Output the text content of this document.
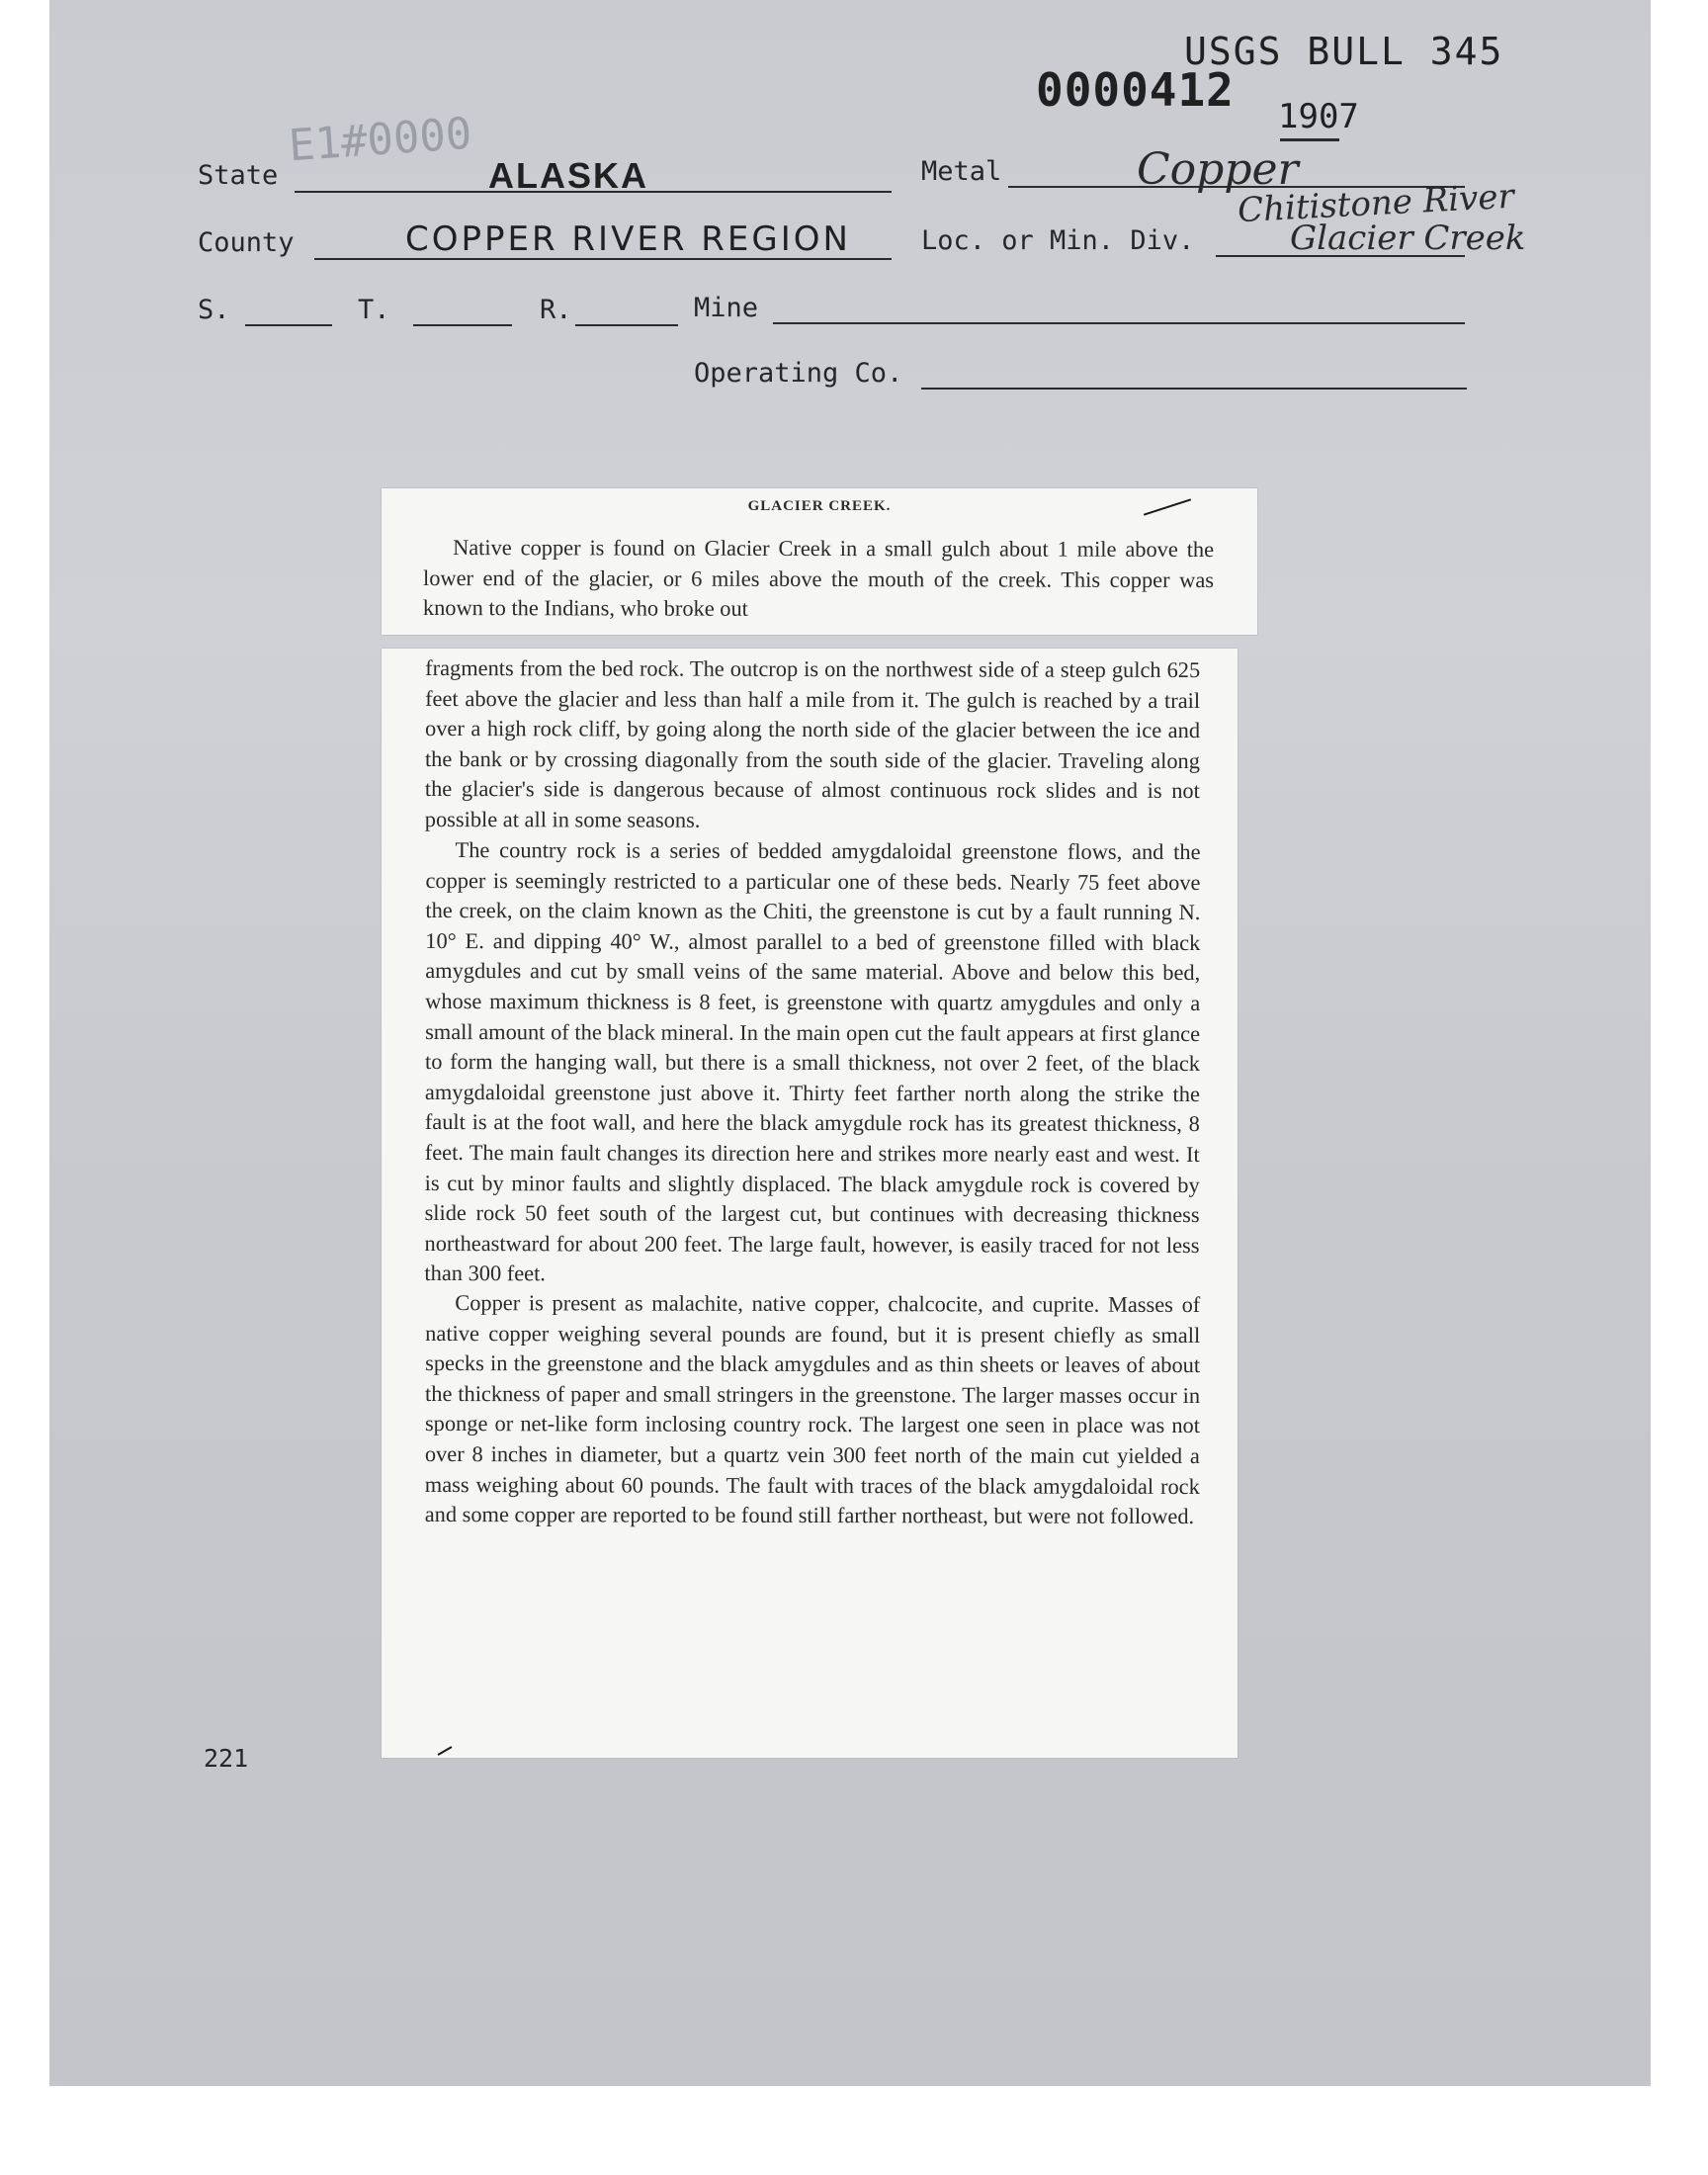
USGS BULL 345
0000412 1907
E1#0000
State	ALASKA	Metal	Copper
County	COPPER RIVER REGION	Loc. or Min. Div.
Chitistone River
Glacier Creek
S.	T.	R.	Mine
Operating Co.
GLACIER CREEK.

Native copper is found on Glacier Creek in a small gulch about 1 mile above the lower end of the glacier, or 6 miles above the mouth of the creek. This copper was known to the Indians, who broke out

fragments from the bed rock. The outcrop is on the northwest side of a steep gulch 625 feet above the glacier and less than half a mile from it. The gulch is reached by a trail over a high rock cliff, by going along the north side of the glacier between the ice and the bank or by crossing diagonally from the south side of the glacier. Traveling along the glacier's side is dangerous because of almost continuous rock slides and is not possible at all in some seasons.

The country rock is a series of bedded amygdaloidal greenstone flows, and the copper is seemingly restricted to a particular one of these beds. Nearly 75 feet above the creek, on the claim known as the Chiti, the greenstone is cut by a fault running N. 10° E. and dipping 40° W., almost parallel to a bed of greenstone filled with black amygdules and cut by small veins of the same material. Above and below this bed, whose maximum thickness is 8 feet, is greenstone with quartz amygdules and only a small amount of the black mineral. In the main open cut the fault appears at first glance to form the hanging wall, but there is a small thickness, not over 2 feet, of the black amygdaloidal greenstone just above it. Thirty feet farther north along the strike the fault is at the foot wall, and here the black amygdule rock has its greatest thickness, 8 feet. The main fault changes its direction here and strikes more nearly east and west. It is cut by minor faults and slightly displaced. The black amygdule rock is covered by slide rock 50 feet south of the largest cut, but continues with decreasing thickness northeastward for about 200 feet. The large fault, however, is easily traced for not less than 300 feet.

Copper is present as malachite, native copper, chalcocite, and cuprite. Masses of native copper weighing several pounds are found, but it is present chiefly as small specks in the greenstone and the black amygdules and as thin sheets or leaves of about the thickness of paper and small stringers in the greenstone. The larger masses occur in sponge or net-like form inclosing country rock. The largest one seen in place was not over 8 inches in diameter, but a quartz vein 300 feet north of the main cut yielded a mass weighing about 60 pounds. The fault with traces of the black amygdaloidal rock and some copper are reported to be found still farther northeast, but were not followed.

221
